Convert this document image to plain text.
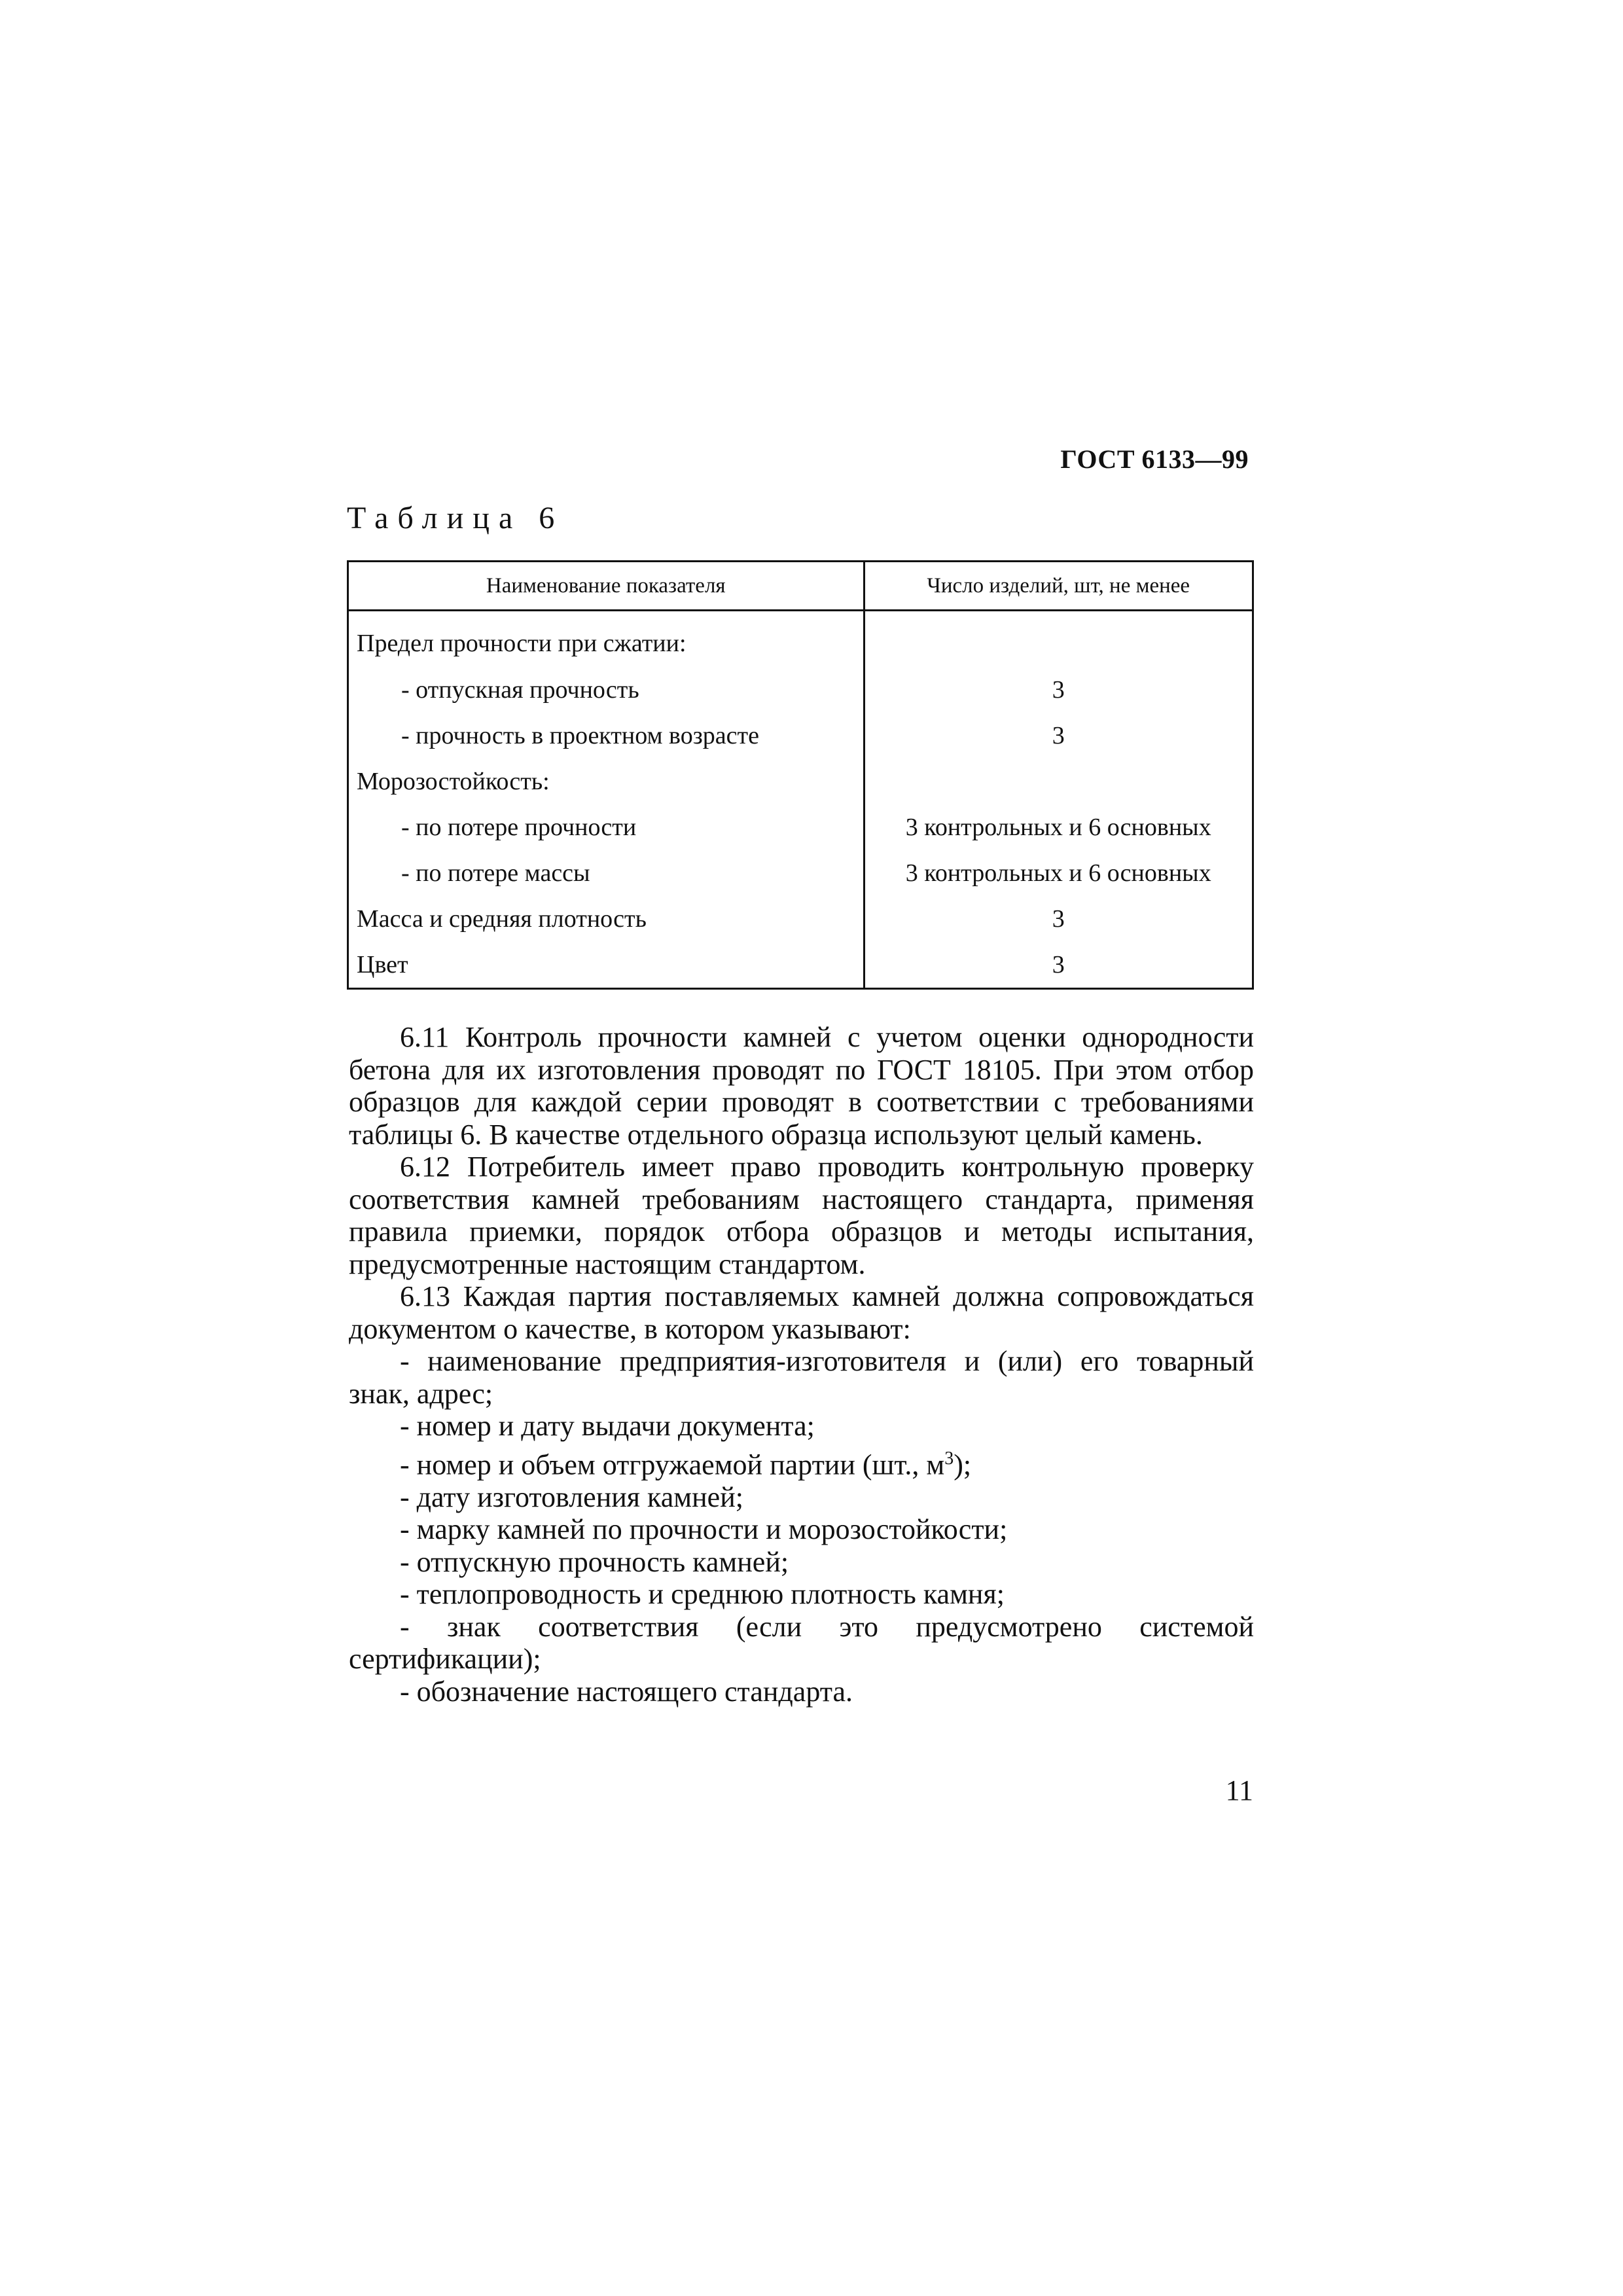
ГОСТ 6133—99
Таблица 6
Наименование показателя	Число изделий, шт, не менее
Предел прочности при сжатии:	
- отпускная прочность	3
- прочность в проектном возрасте	3
Морозостойкость:	
- по потере прочности	3 контрольных и 6 основных
- по потере массы	3 контрольных и 6 основных
Масса и средняя плотность	3
Цвет	3

6.11 Контроль прочности камней с учетом оценки однородности бетона для их изготовления проводят по ГОСТ 18105. При этом отбор образцов для каждой серии проводят в соответствии с требованиями таблицы 6. В качестве отдельного образца используют целый камень.

6.12 Потребитель имеет право проводить контрольную проверку соответствия камней требованиям настоящего стандарта, применяя правила приемки, порядок отбора образцов и методы испытания, предусмотренные настоящим стандартом.

6.13 Каждая партия поставляемых камней должна сопровождаться документом о качестве, в котором указывают:

- наименование предприятия-изготовителя и (или) его товарный знак, адрес;

- номер и дату выдачи документа;

- номер и объем отгружаемой партии (шт., $м^3$);

- дату изготовления камней;

- марку камней по прочности и морозостойкости;

- отпускную прочность камней;

- теплопроводность и среднюю плотность камня;

- знак соответствия (если это предусмотрено системой сертификации);

- обозначение настоящего стандарта.

11
